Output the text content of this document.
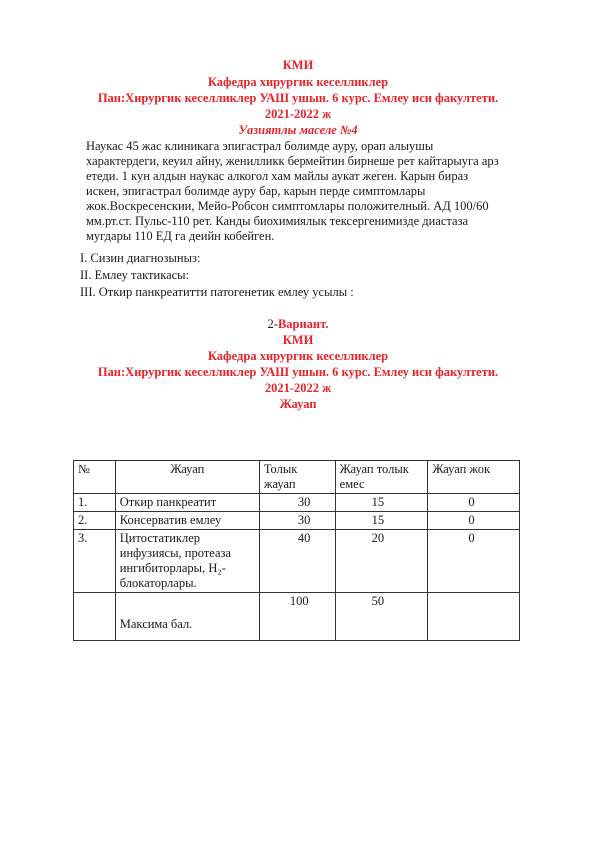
КМИ
Кафедра хирургик кеселликлер
Пан:Хирургик кеселликлер УАШ ушын. 6 курс. Емлеу иси факултети.
2021-2022 ж
Уазиятлы маселе №4

Наукас 45 жас клиникага эпигастрал болимде ауру, орап алыушы

характердеги, кеуил айну, женилликк бермейтин бирнеше рет кайтарыуга арз

етеди. 1 кун алдын наукас алкогол хам майлы аукат жеген. Карын бираз

искен, эпигастрал болимде ауру бар, карын перде симптомлары

жок.Воскресенскии, Мейо-Робсон симптомлары положителный. АД 100/60

мм.рт.ст. Пульс-110 рет. Канды биохимиялык тексергенимизде диастаза

мугдары 110 ЕД га деийн кобейген.

I. Сизин диагнозыныз:
II. Емлеу тактикасы:
III. Откир панкреатитти патогенетик емлеу усылы :
2-Вариант.
КМИ
Кафедра хирургик кеселликлер
Пан:Хирургик кеселликлер УАШ ушын. 6 курс. Емлеу иси факултети.
2021-2022 ж
Жауап
№	Жауап	Толык жауап	Жауап толык емес	Жауап жок
1.	Откир панкреатит	30	15	0
2.	Консерватив емлеу	30	15	0
3.	Цитостатиклер инфузиясы, протеаза ингибиторлары, Н₂-блокаторлары.	40	20	0
	Максима бал.	100	50	
